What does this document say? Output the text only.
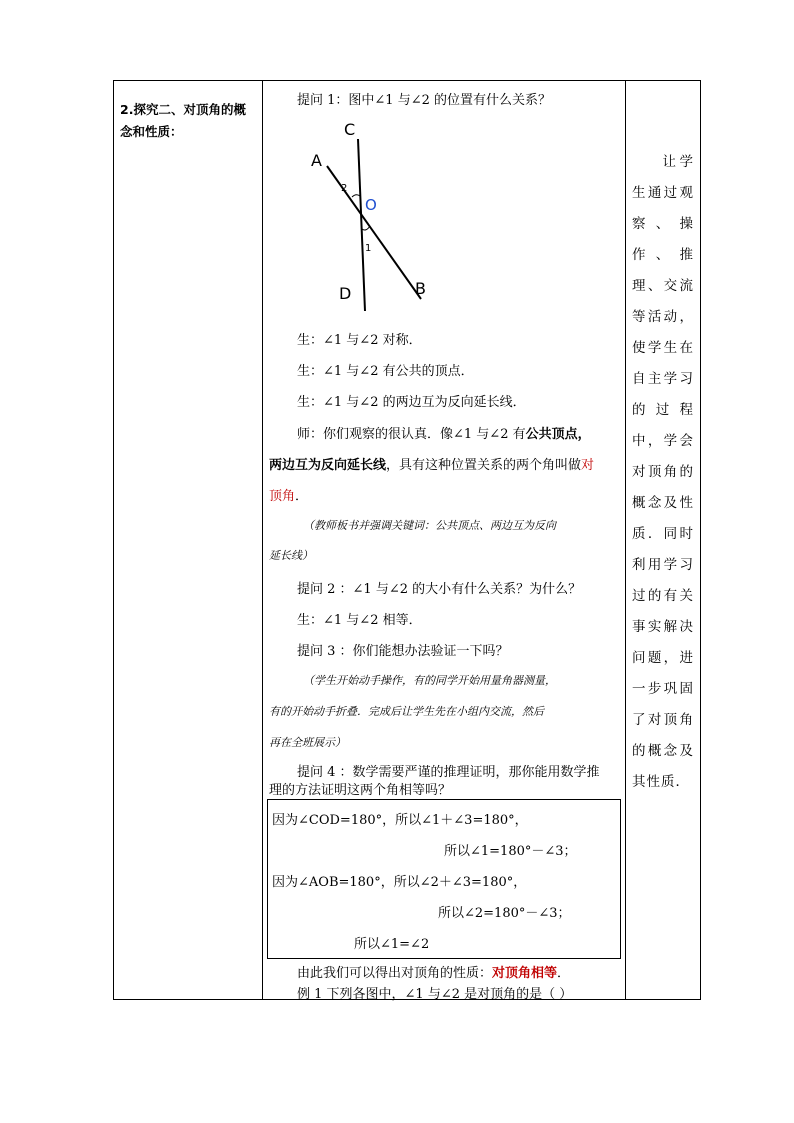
2.探究二、对顶角的概念和性质：

提问 1：图中∠1 与∠2 的位置有什么关系？
C
A
2
O
1
D	B
生：∠1 与∠2 对称．
生：∠1 与∠2 有公共的顶点．
生：∠1 与∠2 的两边互为反向延长线．
师：你们观察的很认真．像∠1 与∠2 有公共顶点，
两边互为反向延长线，具有这种位置关系的两个角叫做对
顶角．
（教师板书并强调关键词：公共顶点、两边互为反向
延长线）
提问 2 ：∠1 与∠2 的大小有什么关系？为什么？
生：∠1 与∠2 相等．
提问 3 ：你们能想办法验证一下吗？
（学生开始动手操作，有的同学开始用量角器测量，
有的开始动手折叠．完成后让学生先在小组内交流，然后
再在全班展示）
提问 4 ：数学需要严谨的推理证明，那你能用数学推
理的方法证明这两个角相等吗？
因为∠COD=180°，所以∠1＋∠3=180°，
所以∠1=180°－∠3；
因为∠AOB=180°，所以∠2＋∠3=180°，
所以∠2=180°－∠3；
所以∠1=∠2
由此我们可以得出对顶角的性质：对顶角相等．
例 1 下列各图中，∠1 与∠2 是对顶角的是（ ）

让学生通过观察、操作、推理、交流等活动，使学生在自主学习的过程中，学会对顶角的概念及性质．同时利用学习过的有关事实解决问题，进一步巩固了对顶角的概念及其性质．
